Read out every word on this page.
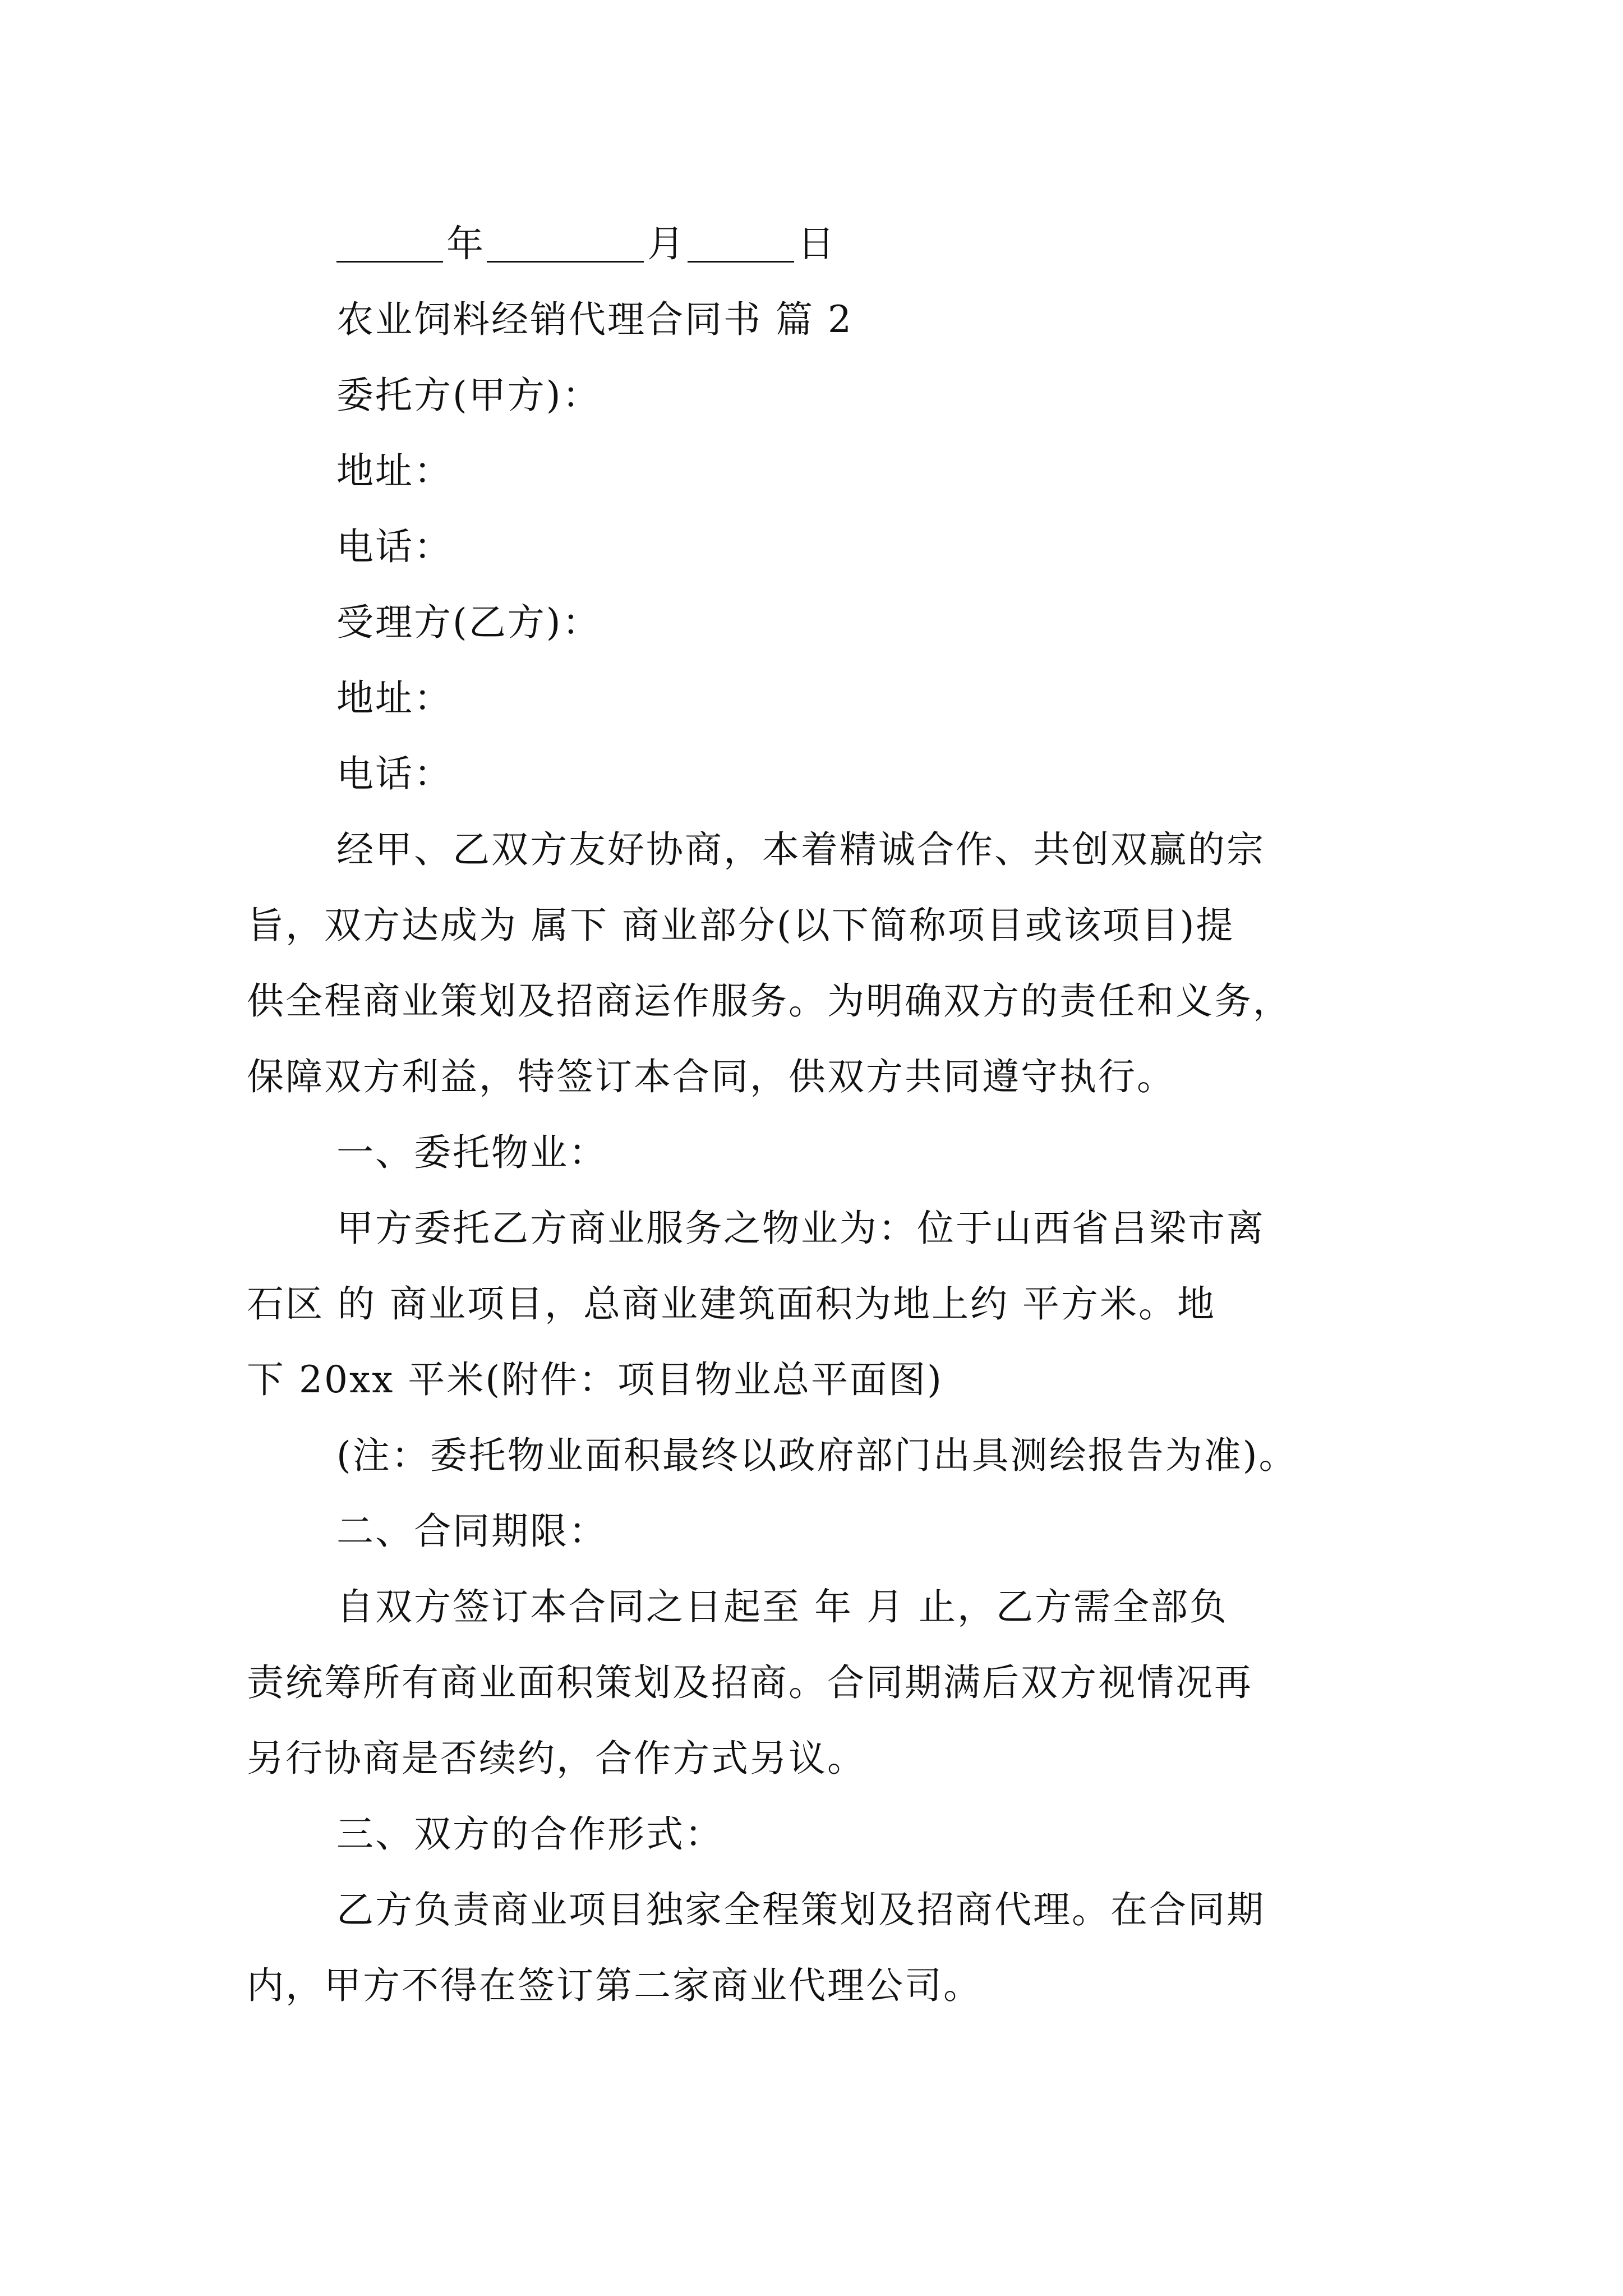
年	月	日
农业饲料经销代理合同书 篇 2
委托方(甲方)：
地址：
电话：
受理方(乙方)：
地址：
电话：
经甲、乙双方友好协商，本着精诚合作、共创双赢的宗
旨，双方达成为 属下 商业部分(以下简称项目或该项目)提
供全程商业策划及招商运作服务。为明确双方的责任和义务，
保障双方利益，特签订本合同，供双方共同遵守执行。
一、委托物业：
甲方委托乙方商业服务之物业为：位于山西省吕梁市离
石区 的 商业项目，总商业建筑面积为地上约 平方米。地
下 20xx 平米(附件：项目物业总平面图)
(注：委托物业面积最终以政府部门出具测绘报告为准)。
二、合同期限：
自双方签订本合同之日起至 年 月 止，乙方需全部负
责统筹所有商业面积策划及招商。合同期满后双方视情况再
另行协商是否续约，合作方式另议。
三、双方的合作形式：
乙方负责商业项目独家全程策划及招商代理。在合同期
内，甲方不得在签订第二家商业代理公司。
